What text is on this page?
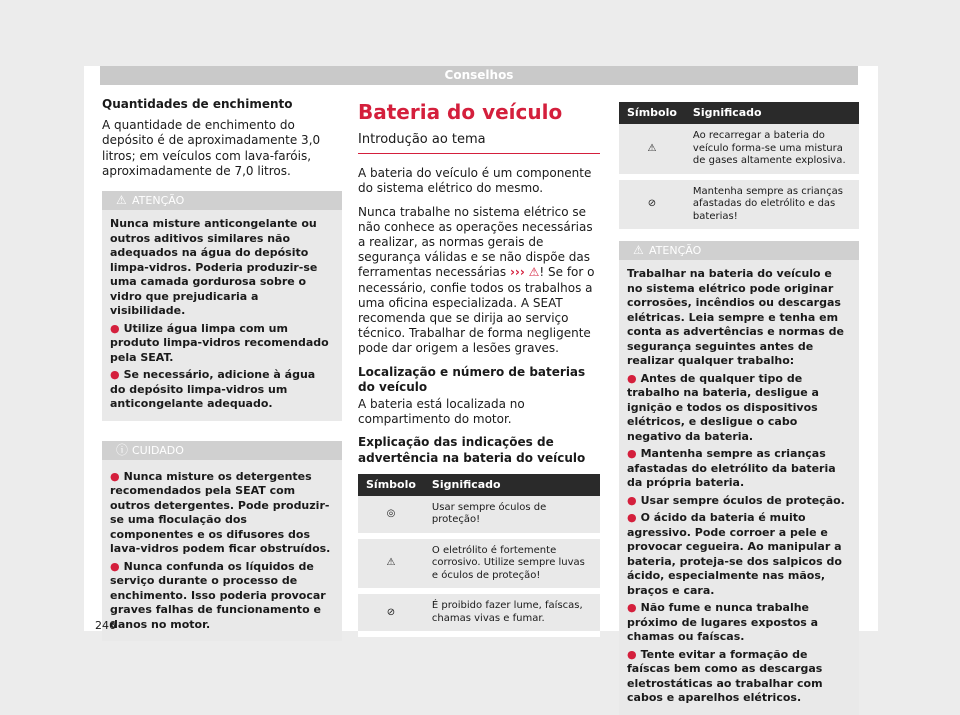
Conselhos
Quantidades de enchimento

A quantidade de enchimento do depósito é de aproximadamente 3,0 litros; em veículos com lava-faróis, aproximadamente de 7,0 litros.

⚠ ATENÇÃO
Nunca misture anticongelante ou outros aditivos similares não adequados na água do depósito limpa-vidros. Poderia produzir-se uma camada gordurosa sobre o vidro que prejudicaria a visibilidade.
● Utilize água limpa com um produto limpa-vidros recomendado pela SEAT.
● Se necessário, adicione à água do depósito limpa-vidros um anticongelante adequado.
ⓘ CUIDADO
● Nunca misture os detergentes recomendados pela SEAT com outros detergentes. Pode produzir-se uma floculação dos componentes e os difusores dos lava-vidros podem ficar obstruídos.
● Nunca confunda os líquidos de serviço durante o processo de enchimento. Isso poderia provocar graves falhas de funcionamento e danos no motor.
Bateria do veículo
Introdução ao tema

A bateria do veículo é um componente do sistema elétrico do mesmo.

Nunca trabalhe no sistema elétrico se não conhece as operações necessárias a realizar, as normas gerais de segurança válidas e se não dispõe das ferramentas necessárias ››› ⚠! Se for o necessário, confie todos os trabalhos a uma oficina especializada. A SEAT recomenda que se dirija ao serviço técnico. Trabalhar de forma negligente pode dar origem a lesões graves.

Localização e número de baterias do veículo

A bateria está localizada no compartimento do motor.

Explicação das indicações de advertência na bateria do veículo
Símbolo	Significado
◎	Usar sempre óculos de proteção!
⚠	O eletrólito é fortemente corrosivo. Utilize sempre luvas e óculos de proteção!
⊘	É proibido fazer lume, faíscas, chamas vivas e fumar.
Símbolo	Significado
⚠	Ao recarregar a bateria do veículo forma-se uma mistura de gases altamente explosiva.
⊘	Mantenha sempre as crianças afastadas do eletrólito e das baterias!
⚠ ATENÇÃO
Trabalhar na bateria do veículo e no sistema elétrico pode originar corrosões, incêndios ou descargas elétricas. Leia sempre e tenha em conta as advertências e normas de segurança seguintes antes de realizar qualquer trabalho:
● Antes de qualquer tipo de trabalho na bateria, desligue a ignição e todos os dispositivos elétricos, e desligue o cabo negativo da bateria.
● Mantenha sempre as crianças afastadas do eletrólito da bateria da própria bateria.
● Usar sempre óculos de proteção.
● O ácido da bateria é muito agressivo. Pode corroer a pele e provocar cegueira. Ao manipular a bateria, proteja-se dos salpicos do ácido, especialmente nas mãos, braços e cara.
● Não fume e nunca trabalhe próximo de lugares expostos a chamas ou faíscas.
● Tente evitar a formação de faíscas bem como as descargas eletrostáticas ao trabalhar com cabos e aparelhos elétricos.
246
